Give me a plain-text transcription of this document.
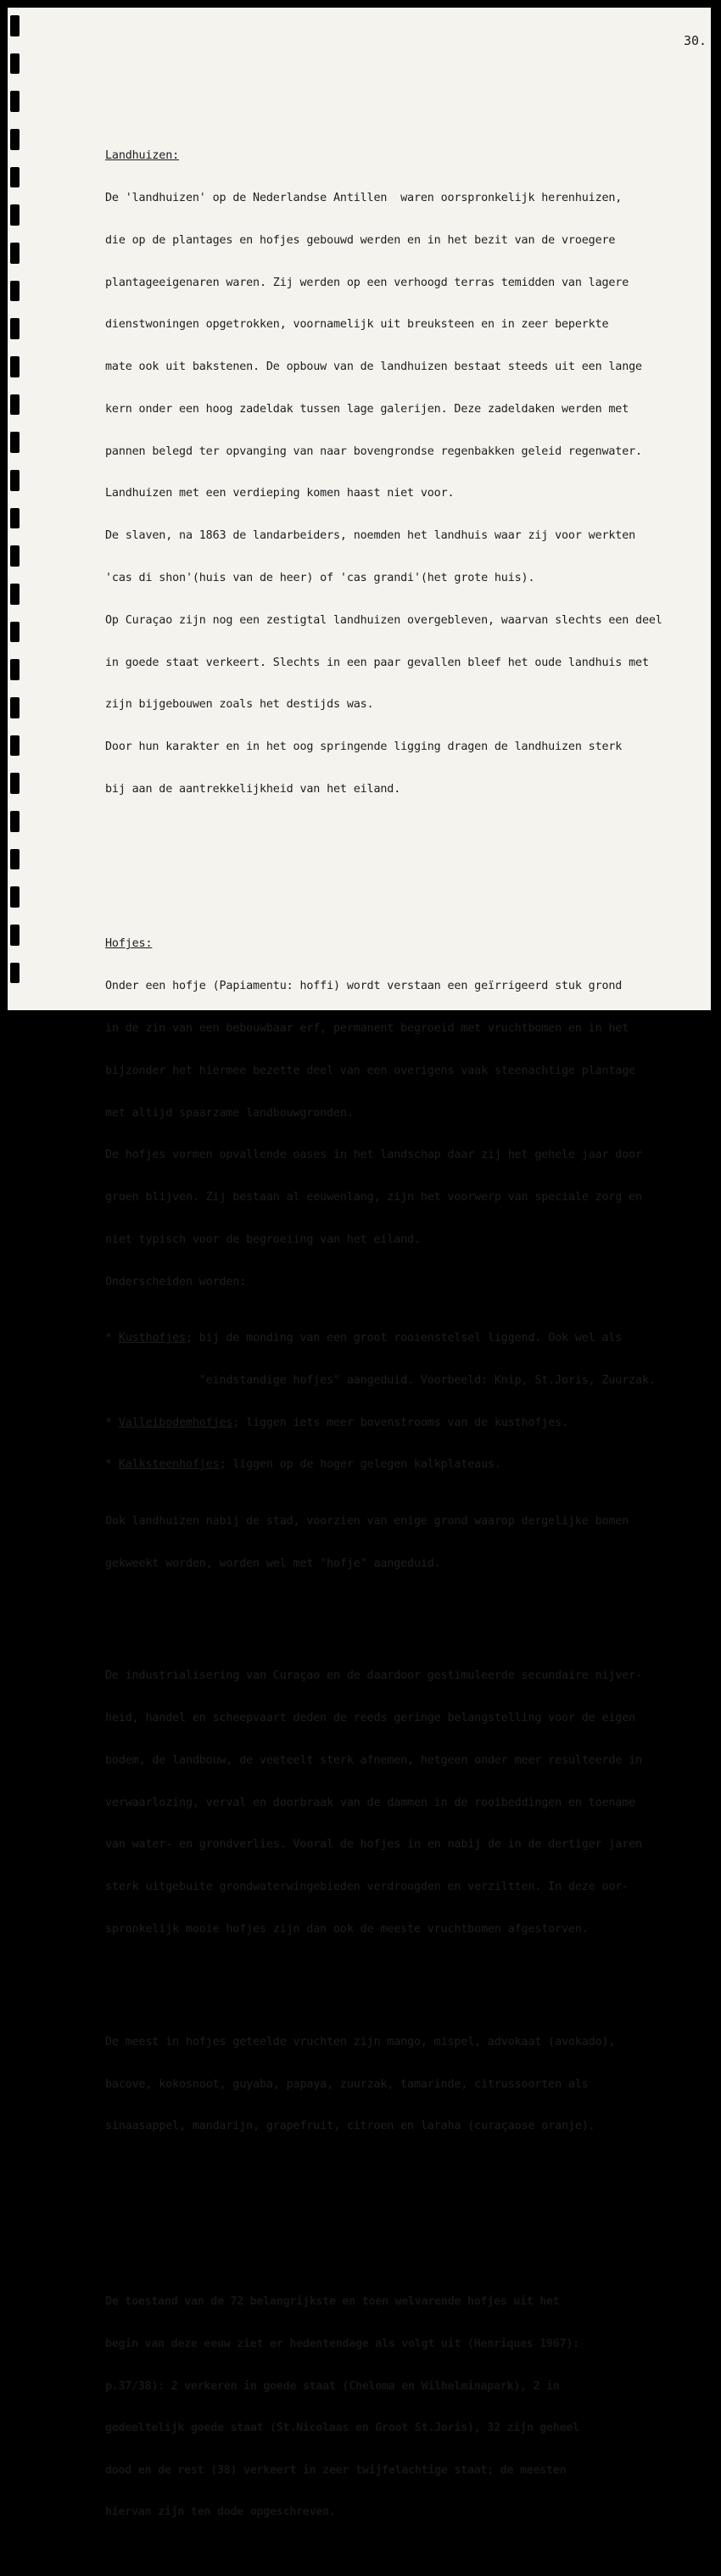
30.

Landhuizen:

De 'landhuizen' op de Nederlandse Antillen  waren oorspronkelijk herenhuizen,

die op de plantages en hofjes gebouwd werden en in het bezit van de vroegere

plantageeigenaren waren. Zij werden op een verhoogd terras temidden van lagere

dienstwoningen opgetrokken, voornamelijk uit breuksteen en in zeer beperkte

mate ook uit bakstenen. De opbouw van de landhuizen bestaat steeds uit een lange

kern onder een hoog zadeldak tussen lage galerijen. Deze zadeldaken werden met

pannen belegd ter opvanging van naar bovengrondse regenbakken geleid regenwater.

Landhuizen met een verdieping komen haast niet voor.

De slaven, na 1863 de landarbeiders, noemden het landhuis waar zij voor werkten

'cas di shon'(huis van de heer) of 'cas grandi'(het grote huis).

Op Curaçao zijn nog een zestigtal landhuizen overgebleven, waarvan slechts een deel

in goede staat verkeert. Slechts in een paar gevallen bleef het oude landhuis met

zijn bijgebouwen zoals het destijds was.

Door hun karakter en in het oog springende ligging dragen de landhuizen sterk

bij aan de aantrekkelijkheid van het eiland.

Hofjes:

Onder een hofje (Papiamentu: hoffi) wordt verstaan een geïrrigeerd stuk grond

in de zin van een bebouwbaar erf, permanent begroeid met vruchtbomen en in het

bijzonder het hiermee bezette deel van een overigens vaak steenachtige plantage

met altijd spaarzame landbouwgronden.

De hofjes vormen opvallende oases in het landschap daar zij het gehele jaar door

groen blijven. Zij bestaan al eeuwenlang, zijn het voorwerp van speciale zorg en

niet typisch voor de begroeiing van het eiland.

Onderscheiden worden:

* Kusthofjes; bij de monding van een groot rooienstelsel liggend. Ook wel als

"eindstandige hofjes" aangeduid. Voorbeeld: Knip, St.Joris, Zuurzak.

* Valleibodemhofjes; liggen iets meer bovenstrooms van de kusthofjes.

* Kalksteenhofjes; liggen op de hoger gelegen kalkplateaus.

Ook landhuizen nabij de stad, voorzien van enige grond waarop dergelijke bomen

gekweekt worden, worden wel met "hofje" aangeduid.

De industrialisering van Curaçao en de daardoor gestimuleerde secundaire nijver-

heid, handel en scheepvaart deden de reeds geringe belangstelling voor de eigen

bodem, de landbouw, de veeteelt sterk afnemen, hetgeen onder meer resulteerde in

verwaarlozing, verval en doorbraak van de dammen in de rooibeddingen en toename

van water- en grondverlies. Vooral de hofjes in en nabij de in de dertiger jaren

sterk uitgebuite grondwaterwingebieden verdroogden en verziltten. In deze oor-

spronkelijk mooie hofjes zijn dan ook de meeste vruchtbomen afgestorven.

De meest in hofjes geteelde vruchten zijn mango, mispel, advokaat (avokado),

bacove, kokosnoot, guyaba, papaya, zuurzak, tamarinde, citrussoorten als

sinaasappel, mandarijn, grapefruit, citroen en laraha (curaçaose oranje).

De toestand van de 72 belangrijkste en toen welvarende hofjes uit het

begin van deze eeuw ziet er hedentendage als volgt uit (Henriques 1967):

p.37/38): 2 verkeren in goede staat (Cheloma en Wilhelminapark), 2 in

gedeeltelijk goede staat (St.Nicolaas en Groot St.Joris), 32 zijn geheel

dood en de rest (38) verkeert in zeer twijfelachtige staat; de meesten

hiervan zijn ten dode opgeschreven.
